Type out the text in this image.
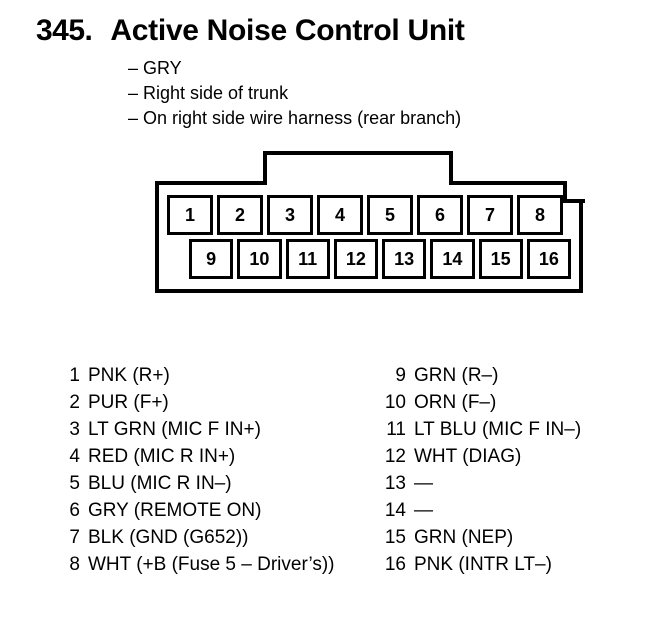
345. Active Noise Control Unit
– GRY
– Right side of trunk
– On right side wire harness (rear branch)
1	2	3	4	5	6	7	8
9	10	11	12	13	14	15	16
1 PNK (R+)
2 PUR (F+)
3 LT GRN (MIC F IN+)
4 RED (MIC R IN+)
5 BLU (MIC R IN–)
6 GRY (REMOTE ON)
7 BLK (GND (G652))
8 WHT (+B (Fuse 5 – Driver’s))
9 GRN (R–)
10 ORN (F–)
11 LT BLU (MIC F IN–)
12 WHT (DIAG)
13 —
14 —
15 GRN (NEP)
16 PNK (INTR LT–)
